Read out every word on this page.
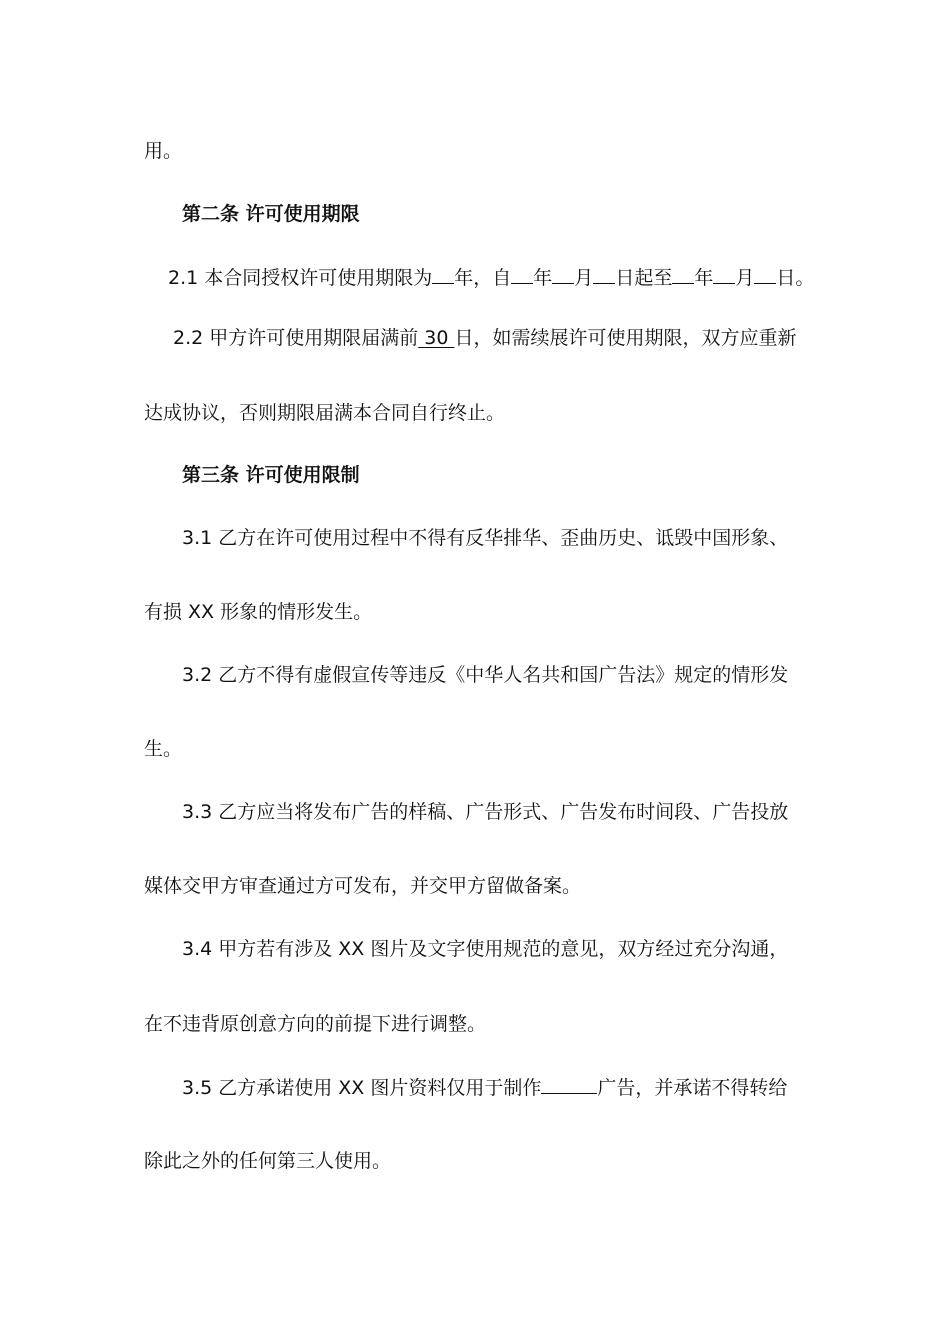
用。
第二条 许可使用期限
2.1 本合同授权许可使用期限为 年，自 年 月 日起至 年 月 日。
2.2 甲方许可使用期限届满前 30 日，如需续展许可使用期限，双方应重新
达成协议，否则期限届满本合同自行终止。
第三条 许可使用限制
3.1 乙方在许可使用过程中不得有反华排华、歪曲历史、诋毁中国形象、
有损 XX 形象的情形发生。
3.2 乙方不得有虚假宣传等违反《中华人名共和国广告法》规定的情形发
生。
3.3 乙方应当将发布广告的样稿、广告形式、广告发布时间段、广告投放
媒体交甲方审查通过方可发布，并交甲方留做备案。
3.4 甲方若有涉及 XX 图片及文字使用规范的意见，双方经过充分沟通，
在不违背原创意方向的前提下进行调整。
3.5 乙方承诺使用 XX 图片资料仅用于制作	广告，并承诺不得转给
除此之外的任何第三人使用。
